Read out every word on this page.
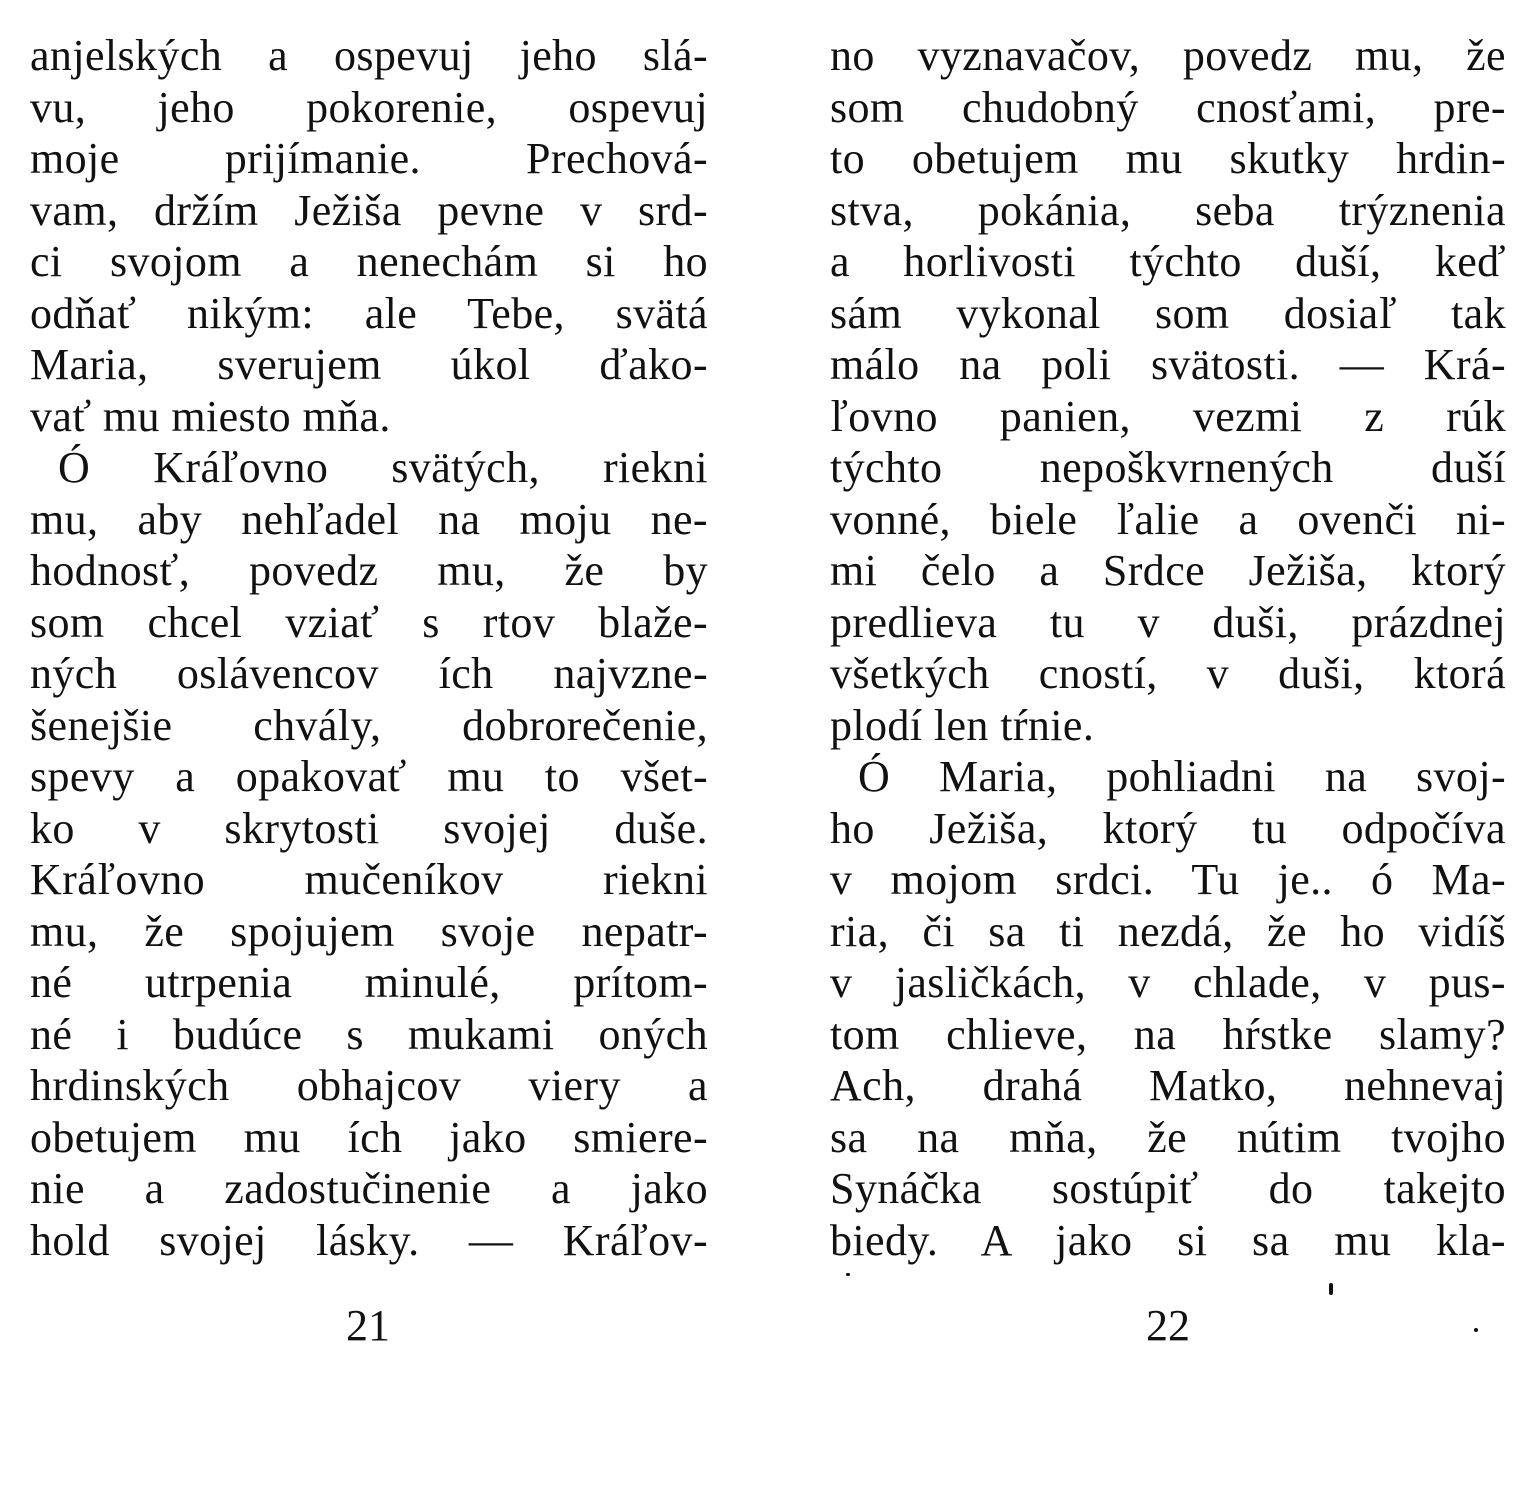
anjelských a ospevuj jeho slá-
vu, jeho pokorenie, ospevuj
moje prijímanie. Prechová-
vam, držím Ježiša pevne v srd-
ci svojom a nenechám si ho
odňať nikým: ale Tebe, svätá
Maria, sverujem úkol ďako-
vať mu miesto mňa.
Ó Kráľovno svätých, riekni
mu, aby nehľadel na moju ne-
hodnosť, povedz mu, že by
som chcel vziať s rtov blaže-
ných oslávencov ích najvzne-
šenejšie chvály, dobrorečenie,
spevy a opakovať mu to všet-
ko v skrytosti svojej duše.
Kráľovno mučeníkov riekni
mu, že spojujem svoje nepatr-
né utrpenia minulé, prítom-
né i budúce s mukami oných
hrdinských obhajcov viery a
obetujem mu ích jako smiere-
nie a zadostučinenie a jako
hold svojej lásky. — Kráľov-
no vyznavačov, povedz mu, že
som chudobný cnosťami, pre-
to obetujem mu skutky hrdin-
stva, pokánia, seba trýznenia
a horlivosti týchto duší, keď
sám vykonal som dosiaľ tak
málo na poli svätosti. — Krá-
ľovno panien, vezmi z rúk
týchto nepoškvrnených duší
vonné, biele ľalie a ovenči ni-
mi čelo a Srdce Ježiša, ktorý
predlieva tu v duši, prázdnej
všetkých cností, v duši, ktorá
plodí len tŕnie.
Ó Maria, pohliadni na svoj-
ho Ježiša, ktorý tu odpočíva
v mojom srdci. Tu je.. ó Ma-
ria, či sa ti nezdá, že ho vidíš
v jasličkách, v chlade, v pus-
tom chlieve, na hŕstke slamy?
Ach, drahá Matko, nehnevaj
sa na mňa, že nútim tvojho
Synáčka sostúpiť do takejto
biedy. A jako si sa mu kla-
21	22
